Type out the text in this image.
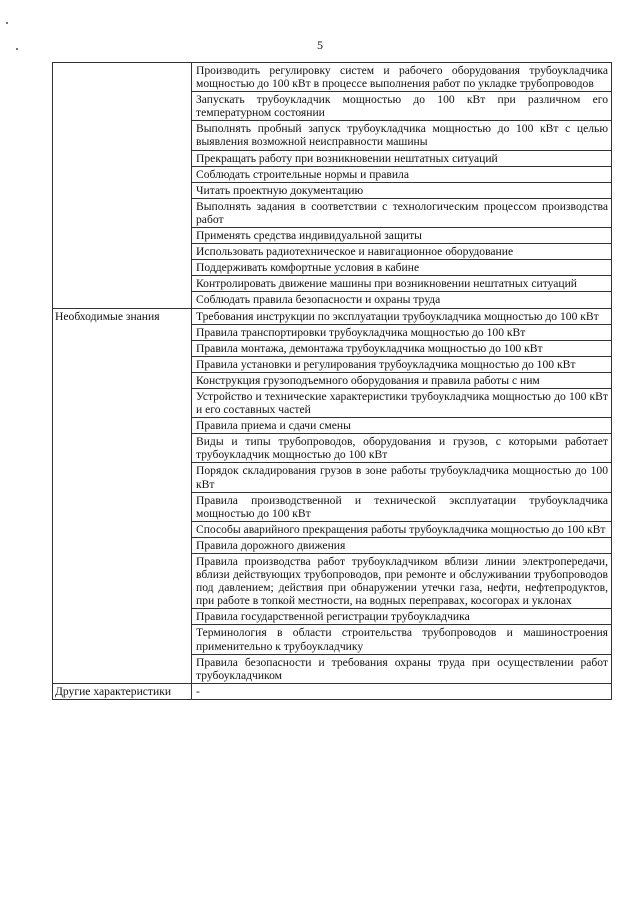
5
	Производить регулировку систем и рабочего оборудования трубоукладчика мощностью до 100 кВт в процессе выполнения работ по укладке трубопроводов
	Запускать трубоукладчик мощностью до 100 кВт при различном его температурном состоянии
	Выполнять пробный запуск трубоукладчика мощностью до 100 кВт с целью выявления возможной неисправности машины
	Прекращать работу при возникновении нештатных ситуаций
	Соблюдать строительные нормы и правила
	Читать проектную документацию
	Выполнять задания в соответствии с технологическим процессом производства работ
	Применять средства индивидуальной защиты
	Использовать радиотехническое и навигационное оборудование
	Поддерживать комфортные условия в кабине
	Контролировать движение машины при возникновении нештатных ситуаций
	Соблюдать правила безопасности и охраны труда
Необходимые знания	Требования инструкции по эксплуатации трубоукладчика мощностью до 100 кВт
	Правила транспортировки трубоукладчика мощностью до 100 кВт
	Правила монтажа, демонтажа трубоукладчика мощностью до 100 кВт
	Правила установки и регулирования трубоукладчика мощностью до 100 кВт
	Конструкция грузоподъемного оборудования и правила работы с ним
	Устройство и технические характеристики трубоукладчика мощностью до 100 кВт и его составных частей
	Правила приема и сдачи смены
	Виды и типы трубопроводов, оборудования и грузов, с которыми работает трубоукладчик мощностью до 100 кВт
	Порядок складирования грузов в зоне работы трубоукладчика мощностью до 100 кВт
	Правила производственной и технической эксплуатации трубоукладчика мощностью до 100 кВт
	Способы аварийного прекращения работы трубоукладчика мощностью до 100 кВт
	Правила дорожного движения
	Правила производства работ трубоукладчиком вблизи линии электропередачи, вблизи действующих трубопроводов, при ремонте и обслуживании трубопроводов под давлением; действия при обнаружении утечки газа, нефти, нефтепродуктов, при работе в топкой местности, на водных переправах, косогорах и уклонах
	Правила государственной регистрации трубоукладчика
	Терминология в области строительства трубопроводов и машиностроения применительно к трубоукладчику
	Правила безопасности и требования охраны труда при осуществлении работ трубоукладчиком
Другие характеристики	-
